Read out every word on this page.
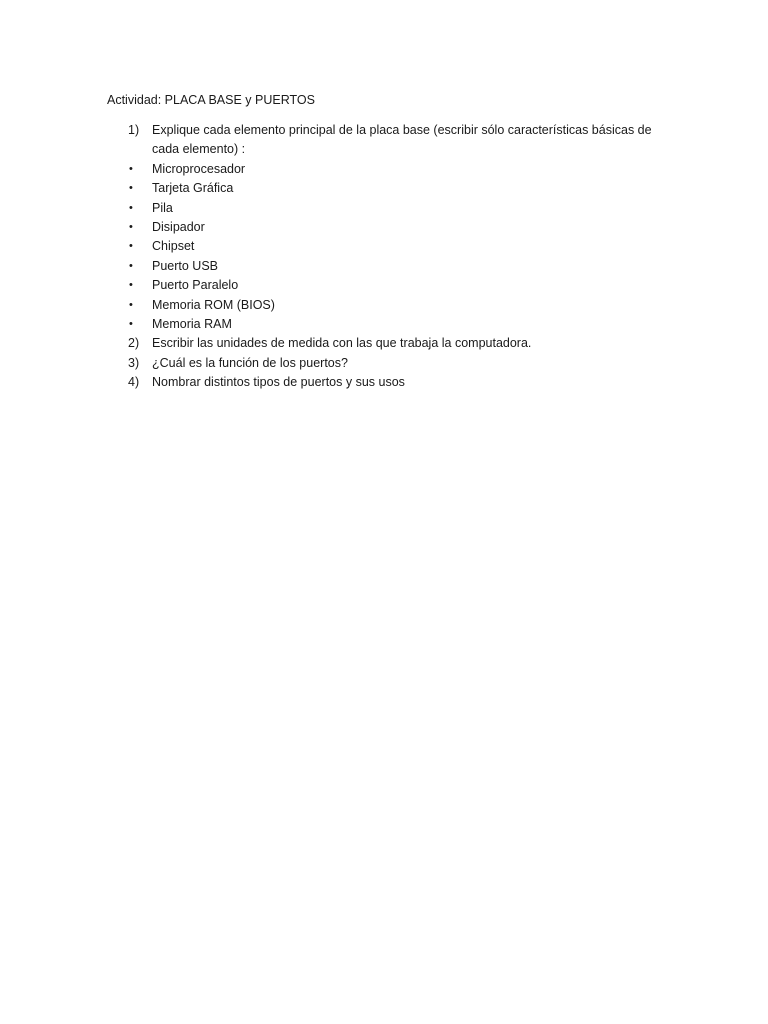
Actividad: PLACA BASE y PUERTOS
1)	Explique cada elemento principal de la placa base (escribir sólo características básicas de cada elemento) :
•	Microprocesador
•	Tarjeta Gráfica
•	Pila
•	Disipador
•	Chipset
•	Puerto USB
•	Puerto Paralelo
•	Memoria ROM (BIOS)
•	Memoria RAM
2)	Escribir las unidades de medida con las que trabaja la computadora.
3)	¿Cuál es la función de los puertos?
4)	Nombrar distintos tipos de puertos y sus usos
